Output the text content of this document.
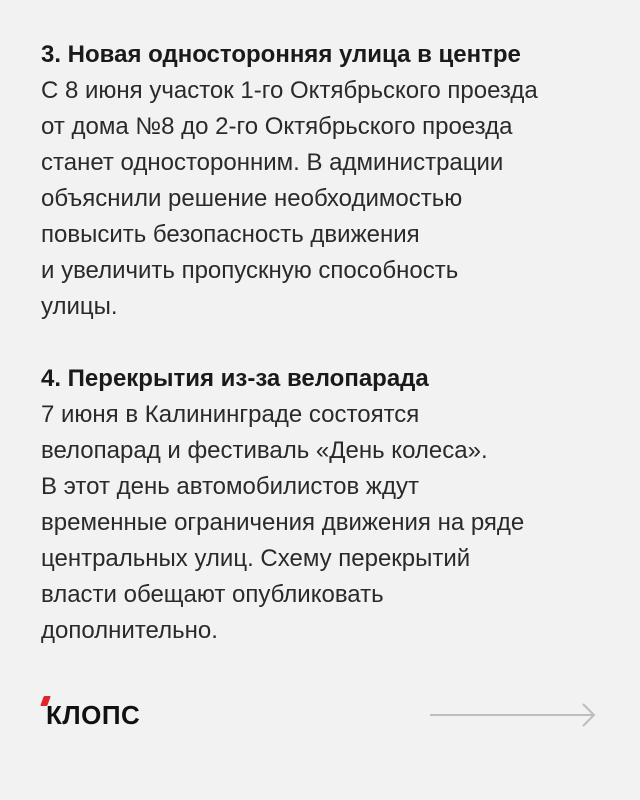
3. Новая односторонняя улица в центре

С 8 июня участок 1-го Октябрьского проезда

от дома №8 до 2-го Октябрьского проезда

станет односторонним. В администрации

объяснили решение необходимостью

повысить безопасность движения

и увеличить пропускную способность

улицы.

4. Перекрытия из-за велопарада

7 июня в Калининграде состоятся

велопарад и фестиваль «День колеса».

В этот день автомобилистов ждут

временные ограничения движения на ряде

центральных улиц. Схему перекрытий

власти обещают опубликовать

дополнительно.

КЛОПС
